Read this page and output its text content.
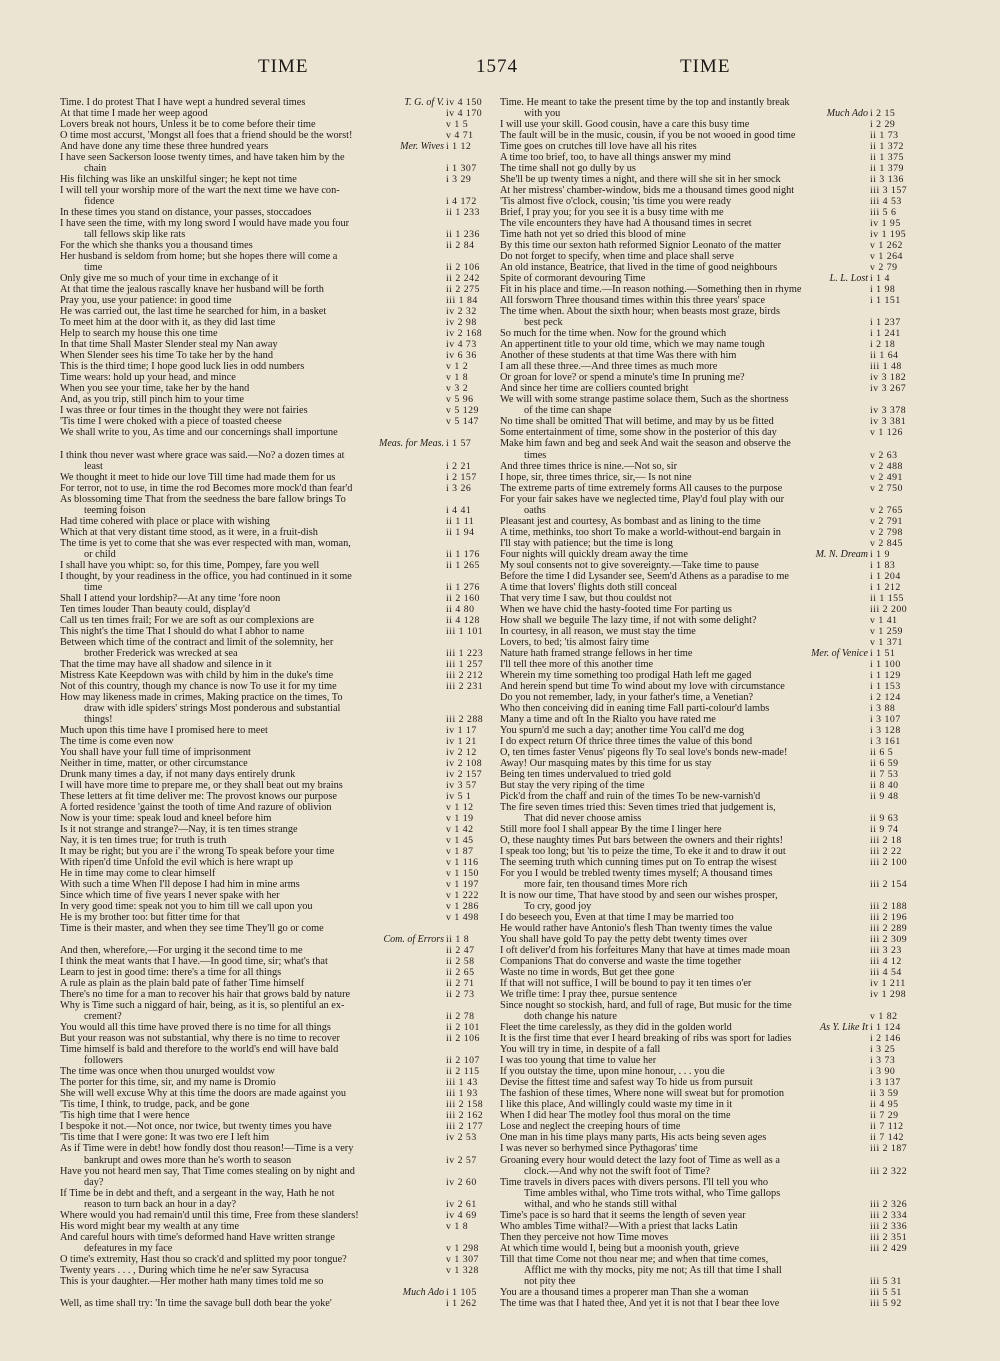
TIME	1574	TIME
Time. I do protest That I have wept a hundred several times	T. G. of V. iv 4 150
At that time I made her weep agood	iv 4 170
Lovers break not hours, Unless it be to come before their time	v 1 5
O time most accurst, 'Mongst all foes that a friend should be the worst!	v 4 71
And have done any time these three hundred years	Mer. Wives i 1 12
I have seen Sackerson loose twenty times, and have taken him by the
chain	i 1 307
His filching was like an unskilful singer; he kept not time	i 3 29
I will tell your worship more of the wart the next time we have con-
fidence	i 4 172
In these times you stand on distance, your passes, stoccadoes	ii 1 233
I have seen the time, with my long sword I would have made you four
tall fellows skip like rats	ii 1 236
For the which she thanks you a thousand times	ii 2 84
Her husband is seldom from home; but she hopes there will come a
time	ii 2 106
Only give me so much of your time in exchange of it	ii 2 242
At that time the jealous rascally knave her husband will be forth	ii 2 275
Pray you, use your patience: in good time	iii 1 84
He was carried out, the last time he searched for him, in a basket	iv 2 32
To meet him at the door with it, as they did last time	iv 2 98
Help to search my house this one time	iv 2 168
In that time Shall Master Slender steal my Nan away	iv 4 73
When Slender sees his time To take her by the hand	iv 6 36
This is the third time; I hope good luck lies in odd numbers	v 1 2
Time wears: hold up your head, and mince	v 1 8
When you see your time, take her by the hand	v 3 2
And, as you trip, still pinch him to your time	v 5 96
I was three or four times in the thought they were not fairies	v 5 129
'Tis time I were choked with a piece of toasted cheese	v 5 147
We shall write to you, As time and our concernings shall importune
Meas. for Meas. i 1 57
I think thou never wast where grace was said.—No? a dozen times at
least	i 2 21
We thought it meet to hide our love Till time had made them for us	i 2 157
For terror, not to use, in time the rod Becomes more mock'd than fear'd	i 3 26
As blossoming time That from the seedness the bare fallow brings To
teeming foison	i 4 41
Had time cohered with place or place with wishing	ii 1 11
Which at that very distant time stood, as it were, in a fruit-dish	ii 1 94
The time is yet to come that she was ever respected with man, woman,
or child	ii 1 176
I shall have you whipt: so, for this time, Pompey, fare you well	ii 1 265
I thought, by your readiness in the office, you had continued in it some
time	ii 1 276
Shall I attend your lordship?—At any time 'fore noon	ii 2 160
Ten times louder Than beauty could, display'd	ii 4 80
Call us ten times frail; For we are soft as our complexions are	ii 4 128
This night's the time That I should do what I abhor to name	iii 1 101
Between which time of the contract and limit of the solemnity, her
brother Frederick was wrecked at sea	iii 1 223
That the time may have all shadow and silence in it	iii 1 257
Mistress Kate Keepdown was with child by him in the duke's time	iii 2 212
Not of this country, though my chance is now To use it for my time	iii 2 231
How may likeness made in crimes, Making practice on the times, To
draw with idle spiders' strings Most ponderous and substantial
things!	iii 2 288
Much upon this time have I promised here to meet	iv 1 17
The time is come even now	iv 1 21
You shall have your full time of imprisonment	iv 2 12
Neither in time, matter, or other circumstance	iv 2 108
Drunk many times a day, if not many days entirely drunk	iv 2 157
I will have more time to prepare me, or they shall beat out my brains	iv 3 57
These letters at fit time deliver me: The provost knows our purpose	iv 5 1
A forted residence 'gainst the tooth of time And razure of oblivion	v 1 12
Now is your time: speak loud and kneel before him	v 1 19
Is it not strange and strange?—Nay, it is ten times strange	v 1 42
Nay, it is ten times true; for truth is truth	v 1 45
It may be right; but you are i' the wrong To speak before your time	v 1 87
With ripen'd time Unfold the evil which is here wrapt up	v 1 116
He in time may come to clear himself	v 1 150
With such a time When I'll depose I had him in mine arms	v 1 197
Since which time of five years I never spake with her	v 1 222
In very good time: speak not you to him till we call upon you	v 1 286
He is my brother too: but fitter time for that	v 1 498
Time is their master, and when they see time They'll go or come
Com. of Errors ii 1 8
And then, wherefore,—For urging it the second time to me	ii 2 47
I think the meat wants that I have.—In good time, sir; what's that	ii 2 58
Learn to jest in good time: there's a time for all things	ii 2 65
A rule as plain as the plain bald pate of father Time himself	ii 2 71
There's no time for a man to recover his hair that grows bald by nature	ii 2 73
Why is Time such a niggard of hair, being, as it is, so plentiful an ex-
crement?	ii 2 78
You would all this time have proved there is no time for all things	ii 2 101
But your reason was not substantial, why there is no time to recover	ii 2 106
Time himself is bald and therefore to the world's end will have bald
followers	ii 2 107
The time was once when thou unurged wouldst vow	ii 2 115
The porter for this time, sir, and my name is Dromio	iii 1 43
She will well excuse Why at this time the doors are made against you	iii 1 93
'Tis time, I think, to trudge, pack, and be gone	iii 2 158
'Tis high time that I were hence	iii 2 162
I bespoke it not.—Not once, nor twice, but twenty times you have	iii 2 177
'Tis time that I were gone: It was two ere I left him	iv 2 53
As if Time were in debt! how fondly dost thou reason!—Time is a very
bankrupt and owes more than he's worth to season	iv 2 57
Have you not heard men say, That Time comes stealing on by night and
day?	iv 2 60
If Time be in debt and theft, and a sergeant in the way, Hath he not
reason to turn back an hour in a day?	iv 2 61
Where would you had remain'd until this time, Free from these slanders!	iv 4 69
His word might bear my wealth at any time	v 1 8
And careful hours with time's deformed hand Have written strange
defeatures in my face	v 1 298
O time's extremity, Hast thou so crack'd and splitted my poor tongue?	v 1 307
Twenty years . . . , During which time he ne'er saw Syracusa	v 1 328
This is your daughter.—Her mother hath many times told me so
Much Ado i 1 105
Well, as time shall try: 'In time the savage bull doth bear the yoke'	i 1 262
Time. He meant to take the present time by the top and instantly break
with you	Much Ado i 2 15
I will use your skill. Good cousin, have a care this busy time	i 2 29
The fault will be in the music, cousin, if you be not wooed in good time	ii 1 73
Time goes on crutches till love have all his rites	ii 1 372
A time too brief, too, to have all things answer my mind	ii 1 375
The time shall not go dully by us	ii 1 379
She'll be up twenty times a night, and there will she sit in her smock	ii 3 136
At her mistress' chamber-window, bids me a thousand times good night	iii 3 157
'Tis almost five o'clock, cousin; 'tis time you were ready	iii 4 53
Brief, I pray you; for you see it is a busy time with me	iii 5 6
The vile encounters they have had A thousand times in secret	iv 1 95
Time hath not yet so dried this blood of mine	iv 1 195
By this time our sexton hath reformed Signior Leonato of the matter	v 1 262
Do not forget to specify, when time and place shall serve	v 1 264
An old instance, Beatrice, that lived in the time of good neighbours	v 2 79
Spite of cormorant devouring Time	L. L. Lost i 1 4
Fit in his place and time.—In reason nothing.—Something then in rhyme	i 1 98
All forsworn Three thousand times within this three years' space	i 1 151
The time when. About the sixth hour; when beasts most graze, birds
best peck	i 1 237
So much for the time when. Now for the ground which	i 1 241
An appertinent title to your old time, which we may name tough	i 2 18
Another of these students at that time Was there with him	ii 1 64
I am all these three.—And three times as much more	iii 1 48
Or groan for love? or spend a minute's time In pruning me?	iv 3 182
And since her time are colliers counted bright	iv 3 267
We will with some strange pastime solace them, Such as the shortness
of the time can shape	iv 3 378
No time shall be omitted That will betime, and may by us be fitted	iv 3 381
Some entertainment of time, some show in the posterior of this day	v 1 126
Make him fawn and beg and seek And wait the season and observe the
times	v 2 63
And three times thrice is nine.—Not so, sir	v 2 488
I hope, sir, three times thrice, sir,— Is not nine	v 2 491
The extreme parts of time extremely forms All causes to the purpose	v 2 750
For your fair sakes have we neglected time, Play'd foul play with our
oaths	v 2 765
Pleasant jest and courtesy, As bombast and as lining to the time	v 2 791
A time, methinks, too short To make a world-without-end bargain in	v 2 798
I'll stay with patience; but the time is long	v 2 845
Four nights will quickly dream away the time	M. N. Dream i 1 9
My soul consents not to give sovereignty.—Take time to pause	i 1 83
Before the time I did Lysander see, Seem'd Athens as a paradise to me	i 1 204
A time that lovers' flights doth still conceal	i 1 212
That very time I saw, but thou couldst not	ii 1 155
When we have chid the hasty-footed time For parting us	iii 2 200
How shall we beguile The lazy time, if not with some delight?	v 1 41
In courtesy, in all reason, we must stay the time	v 1 259
Lovers, to bed; 'tis almost fairy time	v 1 371
Nature hath framed strange fellows in her time	Mer. of Venice i 1 51
I'll tell thee more of this another time	i 1 100
Wherein my time something too prodigal Hath left me gaged	i 1 129
And herein spend but time To wind about my love with circumstance	i 1 153
Do you not remember, lady, in your father's time, a Venetian?	i 2 124
Who then conceiving did in eaning time Fall parti-colour'd lambs	i 3 88
Many a time and oft In the Rialto you have rated me	i 3 107
You spurn'd me such a day; another time You call'd me dog	i 3 128
I do expect return Of thrice three times the value of this bond	i 3 161
O, ten times faster Venus' pigeons fly To seal love's bonds new-made!	ii 6 5
Away! Our masquing mates by this time for us stay	ii 6 59
Being ten times undervalued to tried gold	ii 7 53
But stay the very riping of the time	ii 8 40
Pick'd from the chaff and ruin of the times To be new-varnish'd	ii 9 48
The fire seven times tried this: Seven times tried that judgement is,
That did never choose amiss	ii 9 63
Still more fool I shall appear By the time I linger here	ii 9 74
O, these naughty times Put bars between the owners and their rights!	iii 2 18
I speak too long; but 'tis to peize the time, To eke it and to draw it out	iii 2 22
The seeming truth which cunning times put on To entrap the wisest	iii 2 100
For you I would be trebled twenty times myself; A thousand times
more fair, ten thousand times More rich	iii 2 154
It is now our time, That have stood by and seen our wishes prosper,
To cry, good joy	iii 2 188
I do beseech you, Even at that time I may be married too	iii 2 196
He would rather have Antonio's flesh Than twenty times the value	iii 2 289
You shall have gold To pay the petty debt twenty times over	iii 2 309
I oft deliver'd from his forfeitures Many that have at times made moan	iii 3 23
Companions That do converse and waste the time together	iii 4 12
Waste no time in words, But get thee gone	iii 4 54
If that will not suffice, I will be bound to pay it ten times o'er	iv 1 211
We trifle time: I pray thee, pursue sentence	iv 1 298
Since nought so stockish, hard, and full of rage, But music for the time
doth change his nature	v 1 82
Fleet the time carelessly, as they did in the golden world	As Y. Like It i 1 124
It is the first time that ever I heard breaking of ribs was sport for ladies	i 2 146
You will try in time, in despite of a fall	i 3 25
I was too young that time to value her	i 3 73
If you outstay the time, upon mine honour, . . . you die	i 3 90
Devise the fittest time and safest way To hide us from pursuit	i 3 137
The fashion of these times, Where none will sweat but for promotion	ii 3 59
I like this place, And willingly could waste my time in it	ii 4 95
When I did hear The motley fool thus moral on the time	ii 7 29
Lose and neglect the creeping hours of time	ii 7 112
One man in his time plays many parts, His acts being seven ages	ii 7 142
I was never so berhymed since Pythagoras' time	iii 2 187
Groaning every hour would detect the lazy foot of Time as well as a
clock.—And why not the swift foot of Time?	iii 2 322
Time travels in divers paces with divers persons. I'll tell you who
Time ambles withal, who Time trots withal, who Time gallops
withal, and who he stands still withal	iii 2 326
Time's pace is so hard that it seems the length of seven year	iii 2 334
Who ambles Time withal?—With a priest that lacks Latin	iii 2 336
Then they perceive not how Time moves	iii 2 351
At which time would I, being but a moonish youth, grieve	iii 2 429
Till that time Come not thou near me; and when that time comes,
Afflict me with thy mocks, pity me not; As till that time I shall
not pity thee	iii 5 31
You are a thousand times a properer man Than she a woman	iii 5 51
The time was that I hated thee, And yet it is not that I bear thee love	iii 5 92
